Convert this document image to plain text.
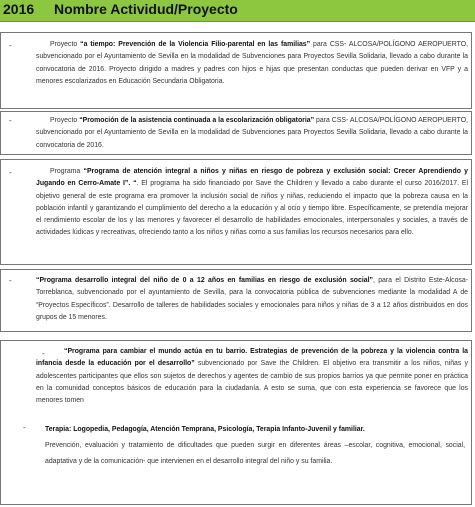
2016 Nombre Actividud/Proyecto
-	Proyecto “a tiempo: Prevención de la Violencia Filio-parental en las familias” para CSS- ALCOSA/POLÍGONO AEROPUERTO, subvencionado por el Ayuntamiento de Sevilla en la modalidad de Subvenciones para Proyectos Sevilla Solidaria, llevado a cabo durante la convocatoria de 2016. Proyecto dirigido a madres y padres con hijos e hijas que presentan conductas que pueden derivar en VFP y a menores escolarizados en Educación Secundaria Obligatoria.
-	Proyecto “Promoción de la asistencia continuada a la escolarización obligatoria” para CSS- ALCOSA/POLÍGONO AEROPUERTO, subvencionado por el Ayuntamiento de Sevilla en la modalidad de Subvenciones para Proyectos Sevilla Solidaria, llevado a cabo durante la convocatoria de 2016.
-	Programa “Programa de atención integral a niños y niñas en riesgo de pobreza y exclusión social: Crecer Aprendiendo y Jugando en Cerro-Amate I”. “. El programa ha sido financiado por Save the Children y llevado a cabo durante el curso 2016/2017. El objetivo general de este programa era promover la inclusión social de niños y niñas, reduciendo el impacto que la pobreza causa en la población infantil y garantizando el cumplimiento del derecho a la educación y al ocio y tiempo libre. Específicamente, se pretendía mejorar el rendimiento escolar de los y las menores y favorecer el desarrollo de habilidades emocionales, interpersonales y sociales, a través de actividades lúdicas y recreativas, ofreciendo tanto a los niños y niñas como a sus familias los recursos necesarios para ello.
-	“Programa desarrollo integral del niño de 0 a 12 años en familias en riesgo de exclusión social”, para el Distrito Este-Alcosa- Torreblanca, subvencionado por el ayuntamiento de Sevilla, para la convocatoria pública de subvenciones mediante la modalidad A de “Proyectos Específicos”. Desarrollo de talleres de habilidades sociales y emocionales para niños y niñas de 3 a 12 años distribuidos en dos grupos de 15 menores.
-	“Programa para cambiar el mundo actúa en tu barrio. Estrategias de prevención de la pobreza y la violencia contra la infancia desde la educación por el desarrollo” subvencionado por Save the Children. El objetivo era transmitir a los niños, niñas y adolescentes participantes que ellos son sujetos de derechos y agentes de cambio de sus propios barrios ya que permite poner en práctica en la comunidad conceptos básicos de educación para la ciudadanía. A esto se suma, que con esta experiencia se favorece que los menores tomen
-	Terapia: Logopedia, Pedagogía, Atención Temprana, Psicología, Terapia Infanto-Juvenil y familiar.
Prevención, evaluación y tratamiento de dificultades que pueden surgir en diferentes áreas –escolar, cognitiva, emocional, social, adaptativa y de la comunicación- que intervienen en el desarrollo integral del niño y su familia.
